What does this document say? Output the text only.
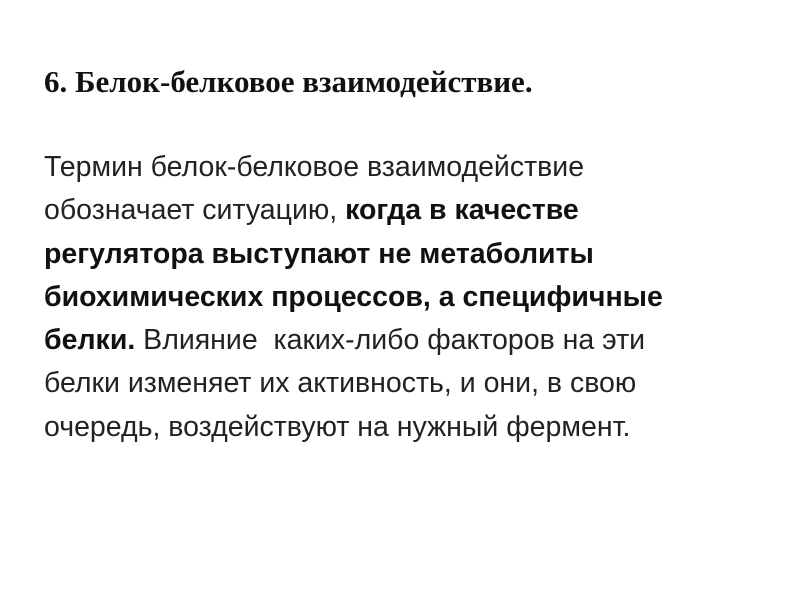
6. Белок-белковое взаимодействие.

Термин белок-белковое взаимодействие
обозначает ситуацию, когда в качестве
регулятора выступают не метаболиты
биохимических процессов, а специфичные
белки. Влияние  каких-либо факторов на эти
белки изменяет их активность, и они, в свою
очередь, воздействуют на нужный фермент.
